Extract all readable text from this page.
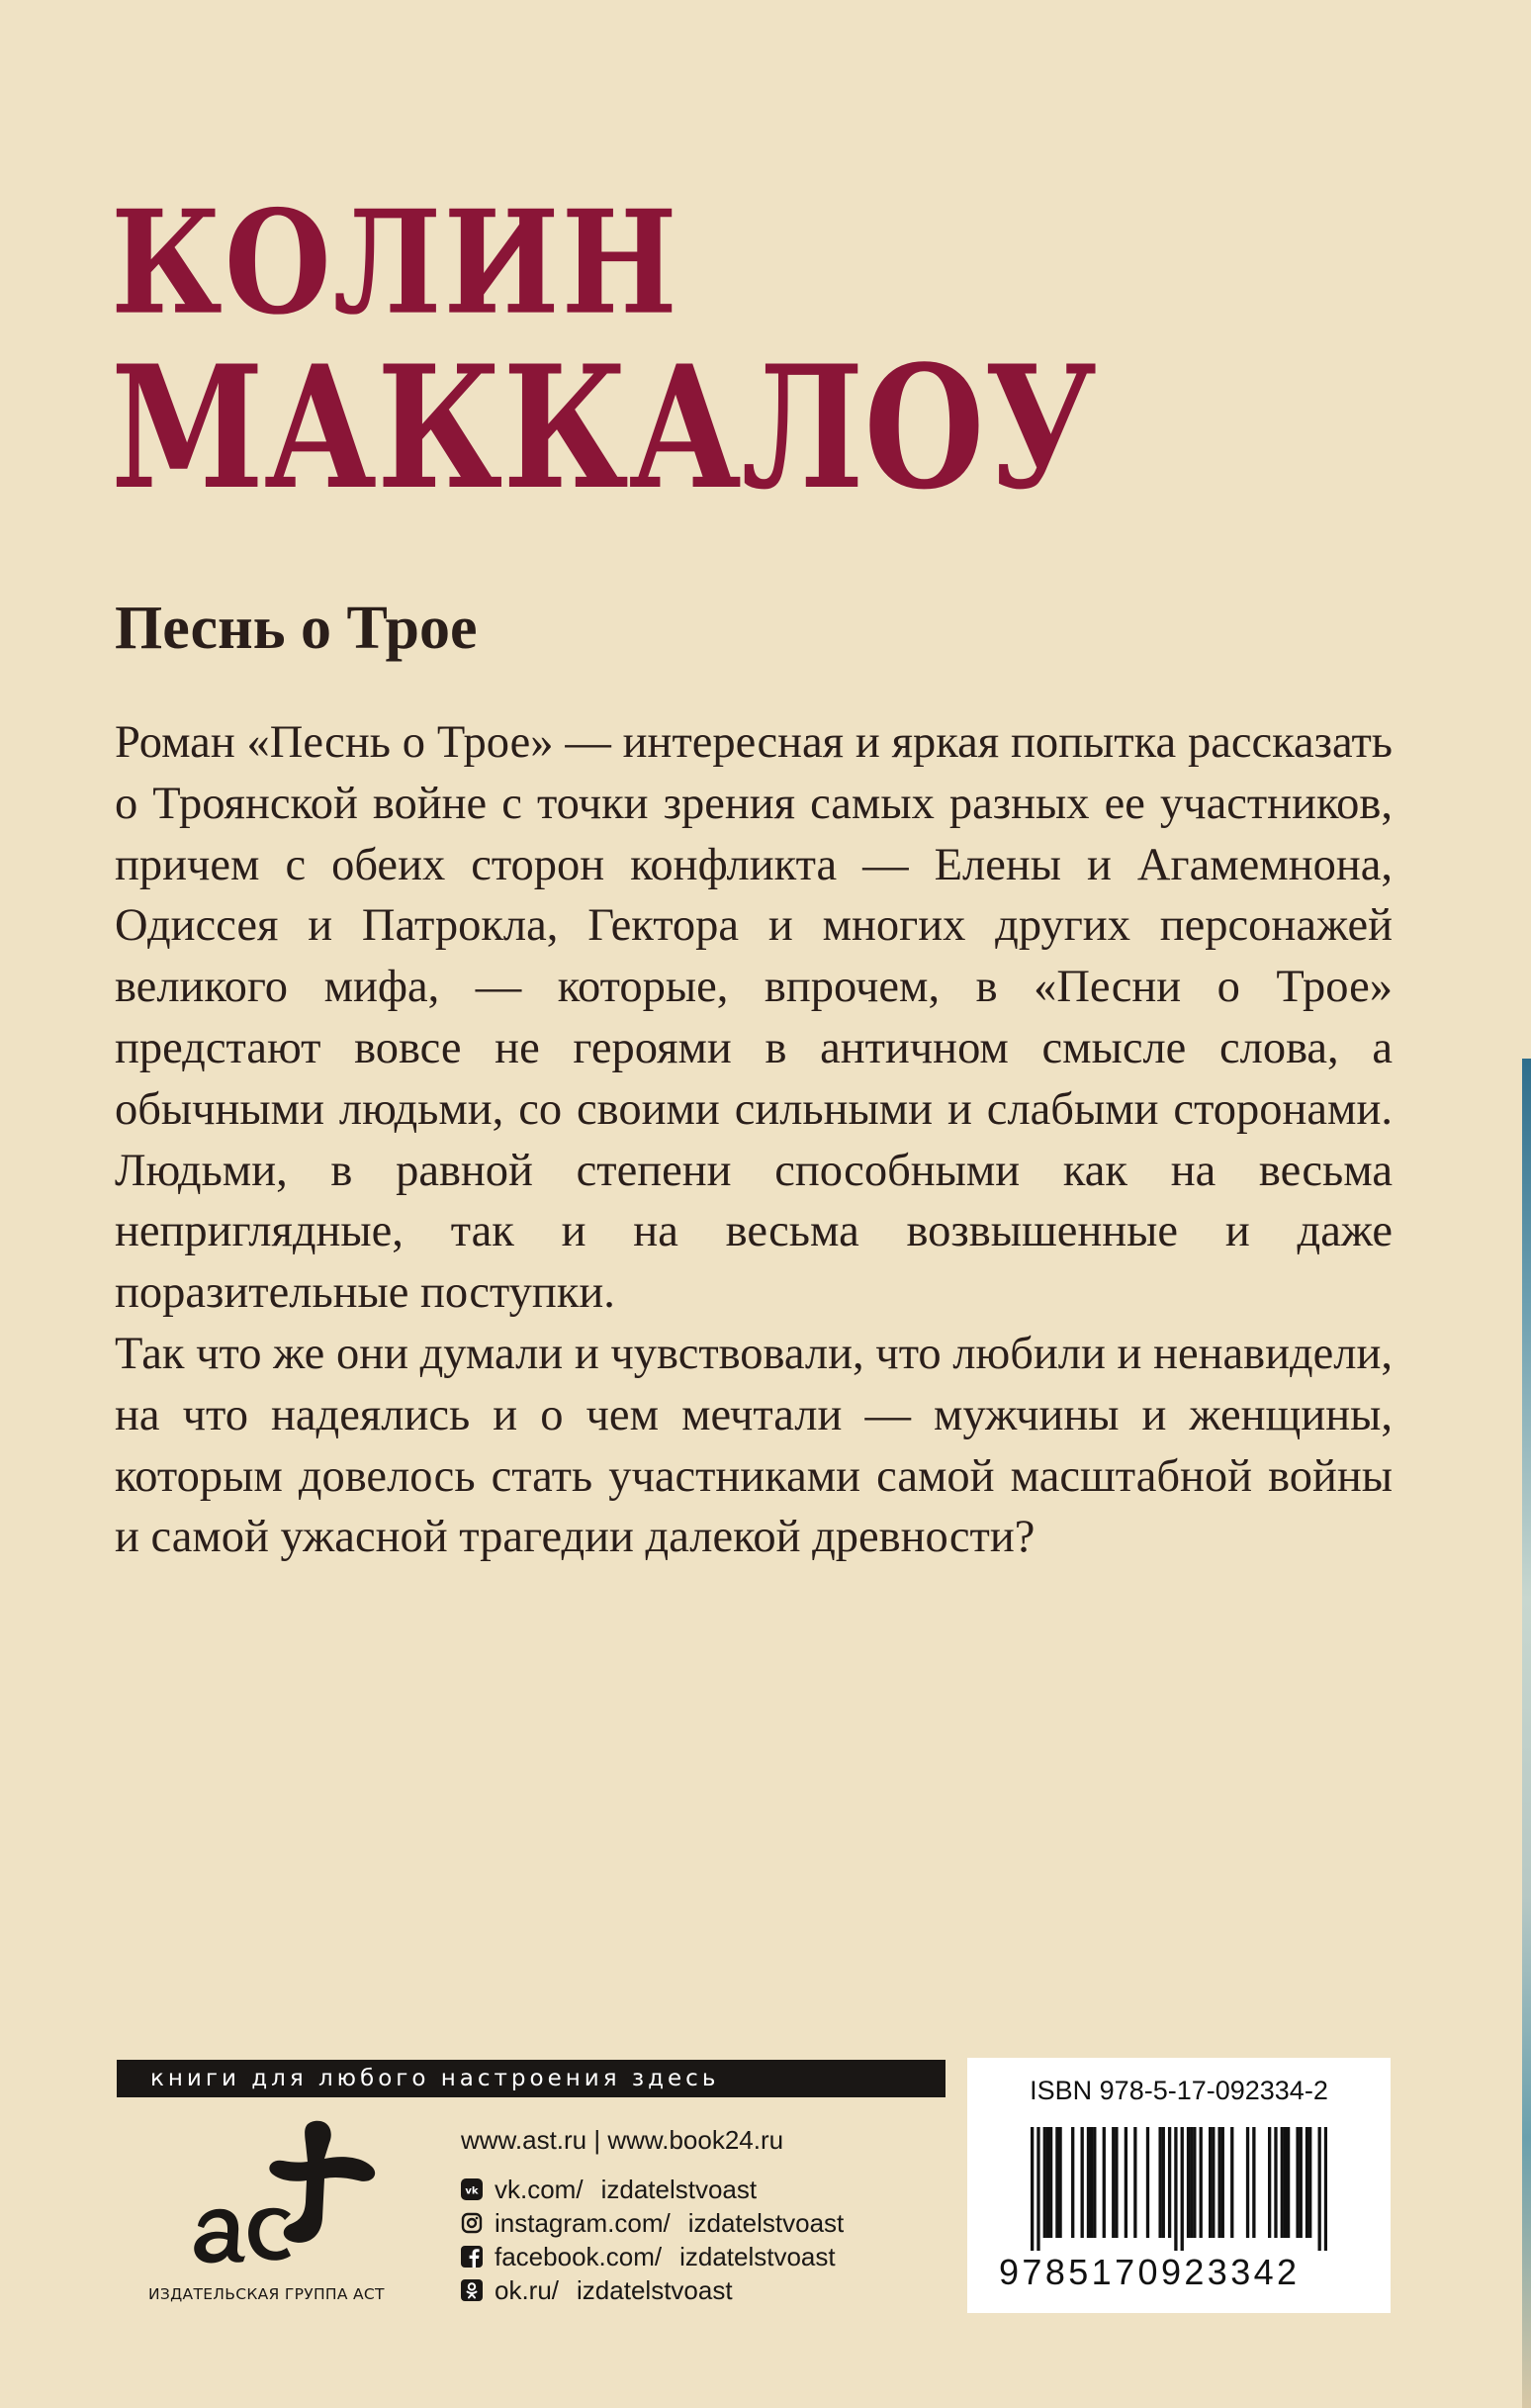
КОЛИН
МАККАЛОУ
Песнь о Трое

Роман «Песнь о Трое» — интересная и яркая попытка рассказать о Троянской войне с точки зрения самых разных ее участников, причем с обеих сторон конфликта — Елены и Агамемнона, Одиссея и Патрокла, Гектора и многих других персонажей великого мифа, — которые, впрочем, в «Песни о Трое» предстают вовсе не героями в античном смысле слова, а обычными людьми, со своими сильными и слабыми сторонами. Людьми, в равной степени способными как на весьма неприглядные, так и на весьма возвышенные и даже поразительные поступки.

Так что же они думали и чувствовали, что любили и ненавидели, на что надеялись и о чем мечтали — мужчины и женщины, которым довелось стать участниками самой масштабной войны и самой ужасной трагедии далекой древности?

книги для любого настроения здесь
ИЗДАТЕЛЬСКАЯ ГРУППА АСТ
www.ast.ru | www.book24.ru
vk vk.com/ izdatelstvoast
instagram.com/ izdatelstvoast
facebook.com/ izdatelstvoast
ok.ru/ izdatelstvoast
ISBN 978-5-17-092334-2
9785170923342
